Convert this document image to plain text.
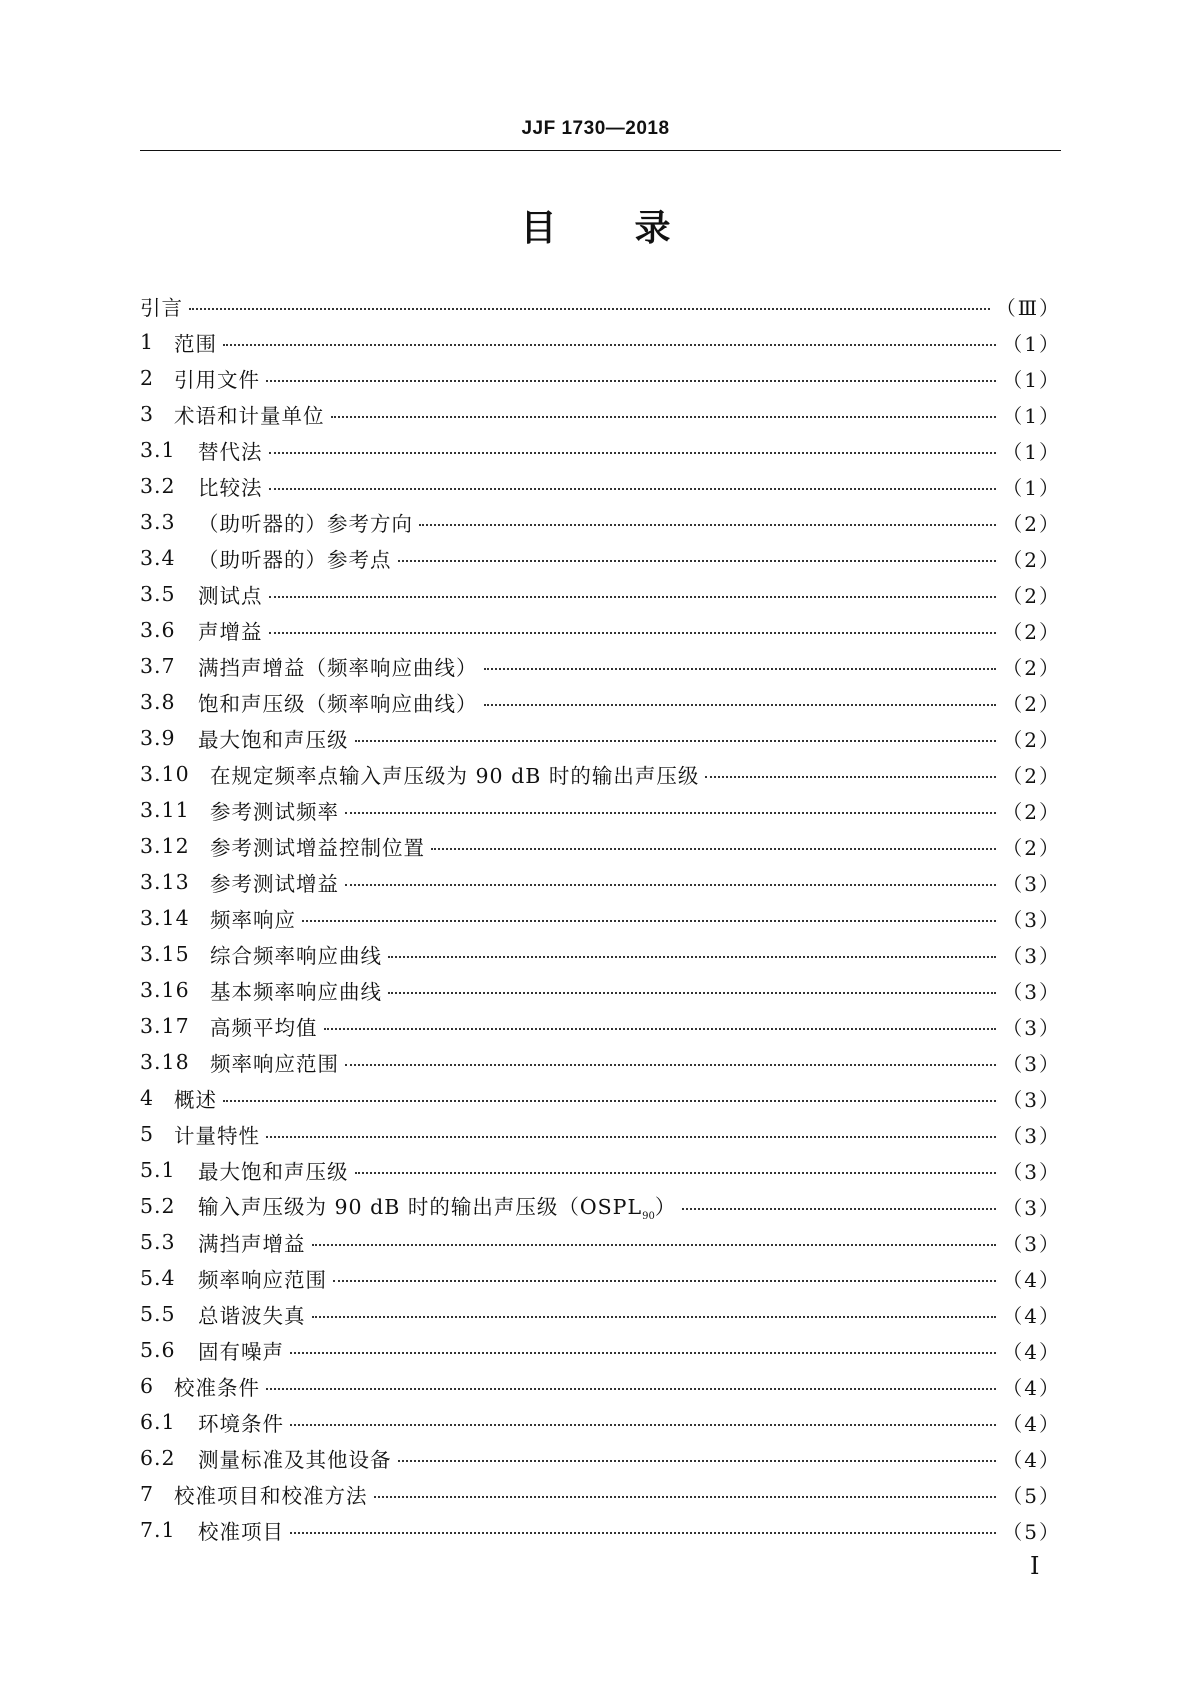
JJF 1730—2018
目录
引言	（Ⅲ）
1 范围	（1）
2 引用文件	（1）
3 术语和计量单位	（1）
3.1	替代法	（1）
3.2	比较法	（1）
3.3	（助听器的）参考方向	（2）
3.4	（助听器的）参考点	（2）
3.5	测试点	（2）
3.6	声增益	（2）
3.7	满挡声增益（频率响应曲线）	（2）
3.8	饱和声压级（频率响应曲线）	（2）
3.9	最大饱和声压级	（2）
3.10 在规定频率点输入声压级为 90 dB 时的输出声压级	（2）
3.11 参考测试频率	（2）
3.12 参考测试增益控制位置	（2）
3.13 参考测试增益	（3）
3.14 频率响应	（3）
3.15 综合频率响应曲线	（3）
3.16 基本频率响应曲线	（3）
3.17 高频平均值	（3）
3.18 频率响应范围	（3）
4 概述	（3）
5 计量特性	（3）
5.1	最大饱和声压级	（3）
5.2	输入声压级为 90 dB 时的输出声压级$(OSPL_{90})$	（3）
5.3	满挡声增益	（3）
5.4	频率响应范围	（4）
5.5	总谐波失真	（4）
5.6	固有噪声	（4）
6 校准条件	（4）
6.1	环境条件	（4）
6.2	测量标准及其他设备	（4）
7 校准项目和校准方法	（5）
7.1	校准项目	（5）
Ⅰ
